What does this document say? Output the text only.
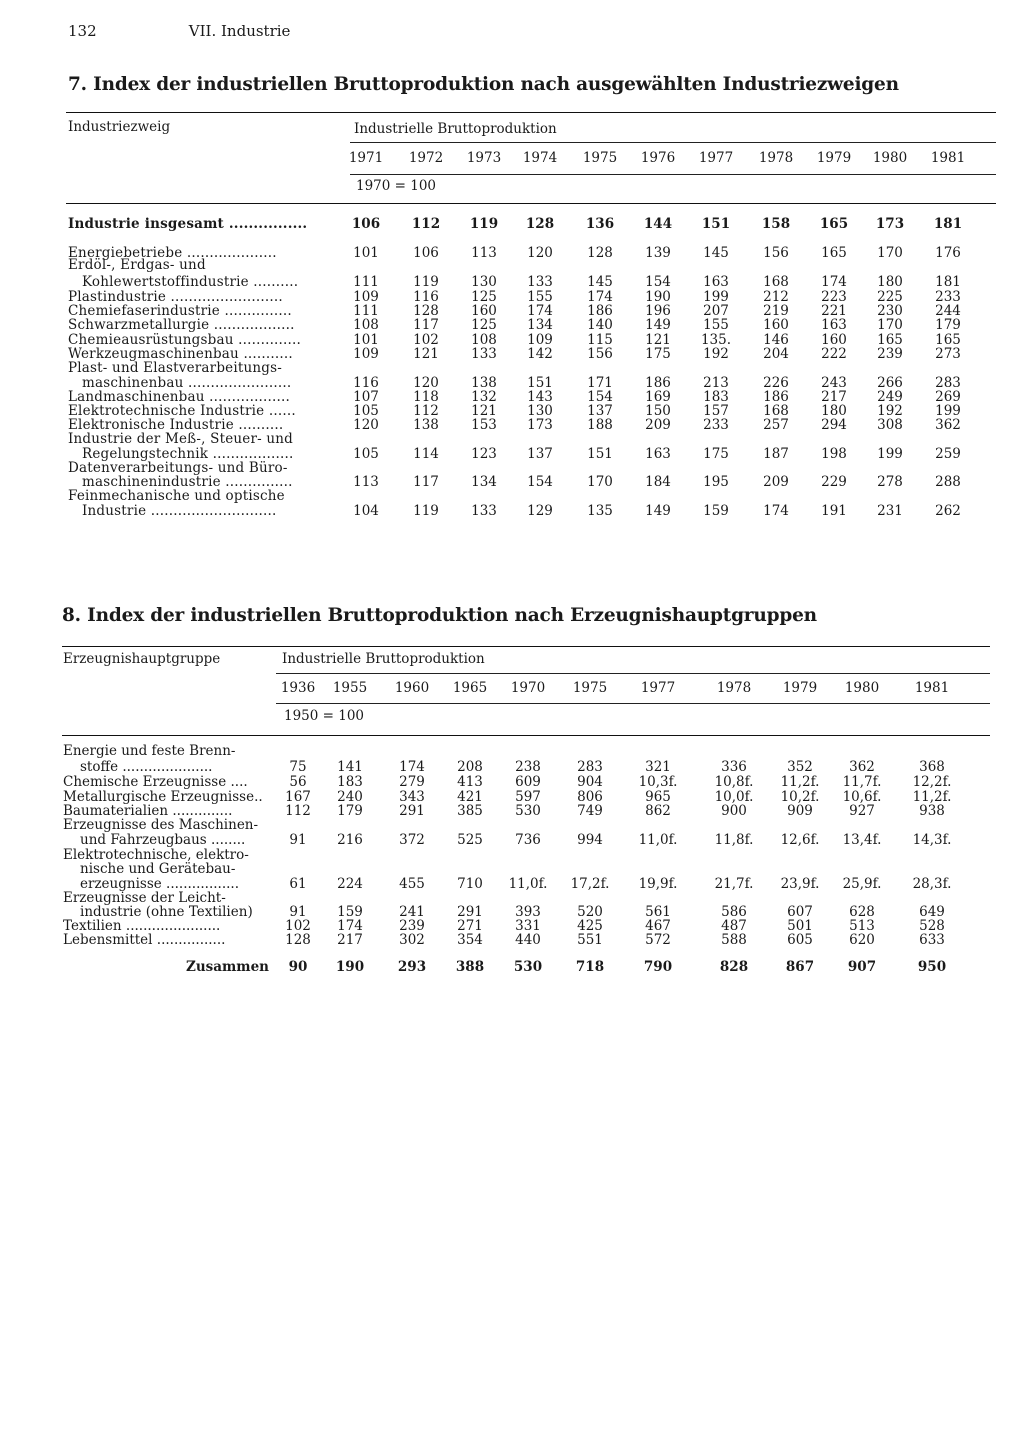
132	VII. Industrie
7. Index der industriellen Bruttoproduktion nach ausgewählten Industriezweigen
Industriezweig	Industrielle Bruttoproduktion
1971	1972	1973	1974	1975	1976	1977	1978	1979	1980	1981
1970 = 100
Industrie insgesamt ................	106	112	119	128	136	144	151	158	165	173	181
Energiebetriebe ....................	101	106	113	120	128	139	145	156	165	170	176
Erdöl-, Erdgas- und
Kohlewertstoffindustrie ..........	111	119	130	133	145	154	163	168	174	180	181
Plastindustrie .........................	109	116	125	155	174	190	199	212	223	225	233
Chemiefaserindustrie ...............	111	128	160	174	186	196	207	219	221	230	244
Schwarzmetallurgie ..................	108	117	125	134	140	149	155	160	163	170	179
Chemieausrüstungsbau ..............	101	102	108	109	115	121	135.	146	160	165	165
Werkzeugmaschinenbau ...........	109	121	133	142	156	175	192	204	222	239	273
Plast- und Elastverarbeitungs-
maschinenbau .......................	116	120	138	151	171	186	213	226	243	266	283
Landmaschinenbau ..................	107	118	132	143	154	169	183	186	217	249	269
Elektrotechnische Industrie ......	105	112	121	130	137	150	157	168	180	192	199
Elektronische Industrie ..........	120	138	153	173	188	209	233	257	294	308	362
Industrie der Meß-, Steuer- und
Regelungstechnik ..................	105	114	123	137	151	163	175	187	198	199	259
Datenverarbeitungs- und Büro-
maschinenindustrie ...............	113	117	134	154	170	184	195	209	229	278	288
Feinmechanische und optische
Industrie ............................	104	119	133	129	135	149	159	174	191	231	262
8. Index der industriellen Bruttoproduktion nach Erzeugnishauptgruppen
Erzeugnishauptgruppe	Industrielle Bruttoproduktion
1936	1955	1960	1965	1970	1975	1977	1978	1979	1980	1981
1950 = 100
Energie und feste Brenn-
stoffe .....................	75	141	174	208	238	283	321	336	352	362	368
Chemische Erzeugnisse ....	56	183	279	413	609	904	10,3f.	10,8f.	11,2f.	11,7f.	12,2f.
Metallurgische Erzeugnisse..	167	240	343	421	597	806	965	10,0f.	10,2f.	10,6f.	11,2f.
Baumaterialien ..............	112	179	291	385	530	749	862	900	909	927	938
Erzeugnisse des Maschinen-
und Fahrzeugbaus ........	91	216	372	525	736	994	11,0f.	11,8f.	12,6f.	13,4f.	14,3f.
Elektrotechnische, elektro-
nische und Gerätebau-
erzeugnisse .................	61	224	455	710	11,0f.	17,2f.	19,9f.	21,7f.	23,9f.	25,9f.	28,3f.
Erzeugnisse der Leicht-
industrie (ohne Textilien)	91	159	241	291	393	520	561	586	607	628	649
Textilien ......................	102	174	239	271	331	425	467	487	501	513	528
Lebensmittel ................	128	217	302	354	440	551	572	588	605	620	633
Zusammen	90	190	293	388	530	718	790	828	867	907	950
